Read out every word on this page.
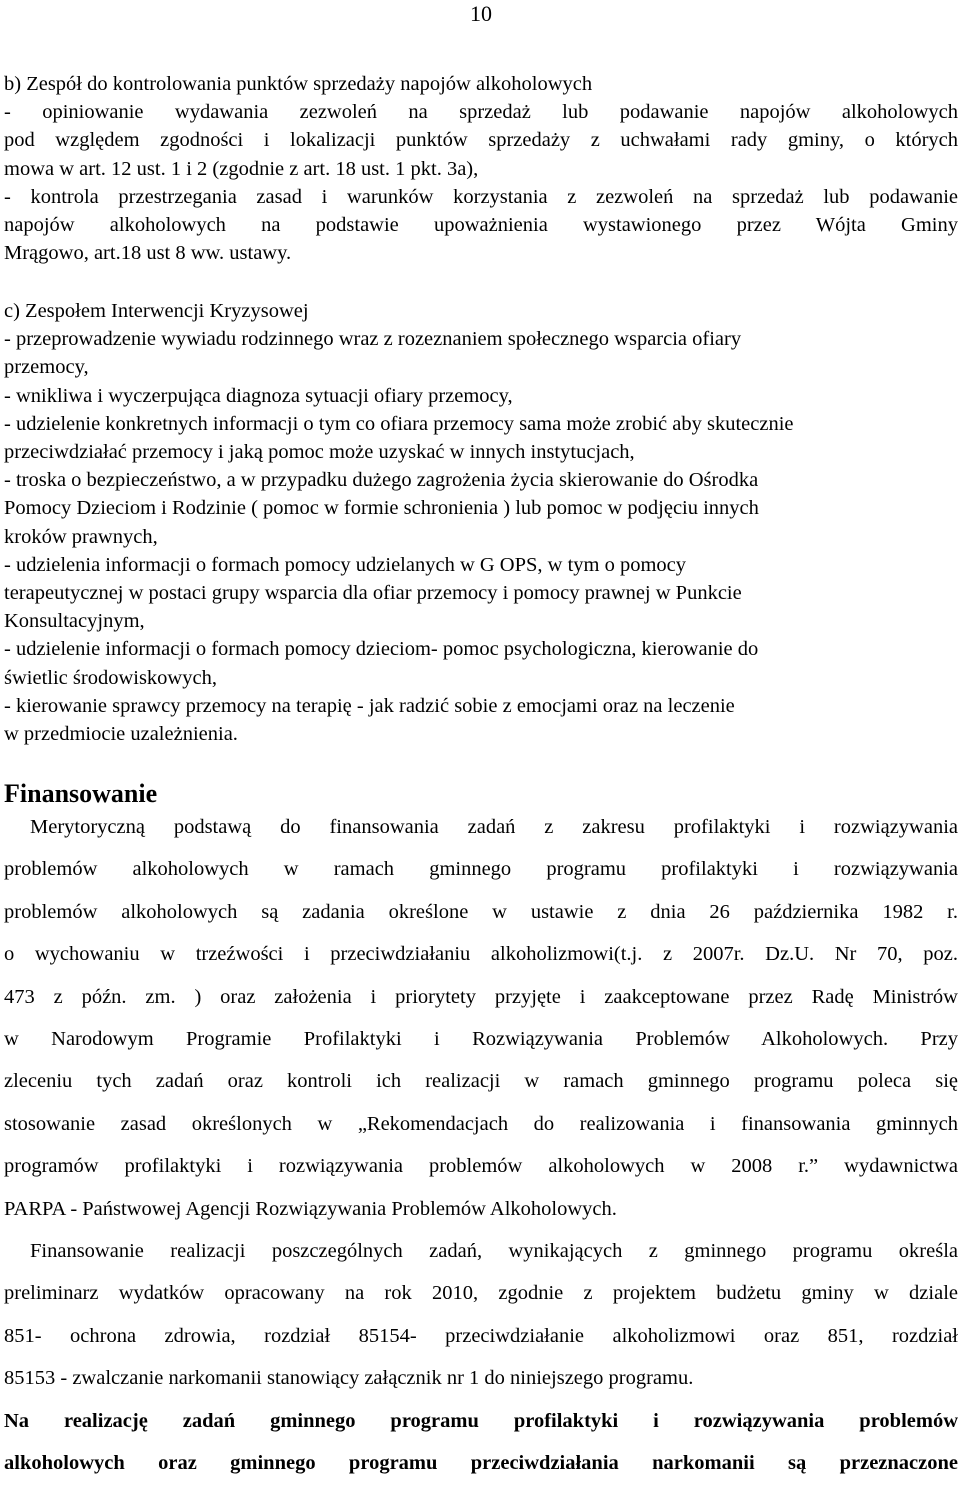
10
b) Zespół do kontrolowania punktów sprzedaży napojów alkoholowych
- opiniowanie wydawania zezwoleń na sprzedaż lub podawanie napojów alkoholowych
pod względem zgodności i lokalizacji punktów sprzedaży z uchwałami rady gminy, o których
mowa w art. 12 ust. 1 i 2 (zgodnie z art. 18 ust. 1 pkt. 3a),
- kontrola przestrzegania zasad i warunków korzystania z zezwoleń na sprzedaż lub podawanie
napojów alkoholowych na podstawie upoważnienia wystawionego przez Wójta Gminy
Mrągowo, art.18 ust 8 ww. ustawy.
c) Zespołem Interwencji Kryzysowej
- przeprowadzenie wywiadu rodzinnego wraz z rozeznaniem społecznego wsparcia ofiary
przemocy,
- wnikliwa i wyczerpująca diagnoza sytuacji ofiary przemocy,
- udzielenie konkretnych informacji o tym co ofiara przemocy sama może zrobić aby skutecznie
przeciwdziałać przemocy i jaką pomoc może uzyskać w innych instytucjach,
- troska o bezpieczeństwo, a w przypadku dużego zagrożenia życia skierowanie do Ośrodka
Pomocy Dzieciom i Rodzinie ( pomoc w formie schronienia ) lub pomoc w podjęciu innych
kroków prawnych,
- udzielenia informacji o formach pomocy udzielanych w G OPS, w tym o pomocy
terapeutycznej w postaci grupy wsparcia dla ofiar przemocy i pomocy prawnej w Punkcie
Konsultacyjnym,
- udzielenie informacji o formach pomocy dzieciom- pomoc psychologiczna, kierowanie do
świetlic środowiskowych,
- kierowanie sprawcy przemocy na terapię - jak radzić sobie z emocjami oraz na leczenie
w przedmiocie uzależnienia.
Finansowanie
Merytoryczną podstawą do finansowania zadań z zakresu profilaktyki i rozwiązywania
problemów alkoholowych w ramach gminnego programu profilaktyki i rozwiązywania
problemów alkoholowych są zadania określone w ustawie z dnia 26 października 1982 r.
o wychowaniu w trzeźwości i przeciwdziałaniu alkoholizmowi(t.j. z 2007r. Dz.U. Nr 70, poz.
473 z późn. zm. ) oraz założenia i priorytety przyjęte i zaakceptowane przez Radę Ministrów
w Narodowym Programie Profilaktyki i Rozwiązywania Problemów Alkoholowych. Przy
zleceniu tych zadań oraz kontroli ich realizacji w ramach gminnego programu poleca się
stosowanie zasad określonych w „Rekomendacjach do realizowania i finansowania gminnych
programów profilaktyki i rozwiązywania problemów alkoholowych w 2008 r.” wydawnictwa
PARPA - Państwowej Agencji Rozwiązywania Problemów Alkoholowych.
Finansowanie realizacji poszczególnych zadań, wynikających z gminnego programu określa
preliminarz wydatków opracowany na rok 2010, zgodnie z projektem budżetu gminy w dziale
851- ochrona zdrowia, rozdział 85154- przeciwdziałanie alkoholizmowi oraz 851, rozdział
85153 - zwalczanie narkomanii stanowiący załącznik nr 1 do niniejszego programu.
Na realizację zadań gminnego programu profilaktyki i rozwiązywania problemów
alkoholowych oraz gminnego programu przeciwdziałania narkomanii są przeznaczone
